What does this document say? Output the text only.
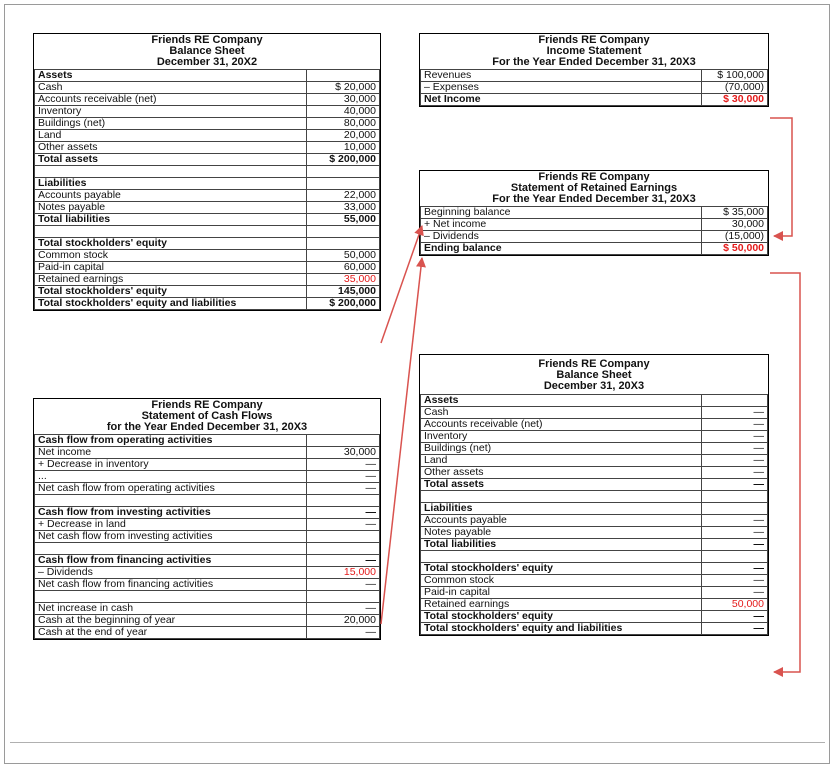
Friends RE Company
Balance Sheet
December 31, 20X2
Assets	
Cash	$ 20,000
Accounts receivable (net)	30,000
Inventory	40,000
Buildings (net)	80,000
Land	20,000
Other assets	10,000
Total assets	$ 200,000

Liabilities	
Accounts payable	22,000
Notes payable	33,000
Total liabilities	55,000

Total stockholders' equity	
Common stock	50,000
Paid-in capital	60,000
Retained earnings	35,000
Total stockholders' equity	145,000
Total stockholders' equity and liabilities	$ 200,000
Friends RE Company
Statement of Cash Flows
for the Year Ended December 31, 20X3
Cash flow from operating activities	
Net income	30,000
+ Decrease in inventory	—
...	—
Net cash flow from operating activities	—

Cash flow from investing activities	—
+ Decrease in land	—
Net cash flow from investing activities	

Cash flow from financing activities	—
– Dividends	15,000
Net cash flow from financing activities	—

Net increase in cash	—
Cash at the beginning of year	20,000
Cash at the end of year	—
Friends RE Company
Income Statement
For the Year Ended December 31, 20X3
Revenues	$ 100,000
– Expenses	(70,000)
Net Income	$ 30,000
Friends RE Company
Statement of Retained Earnings
For the Year Ended December 31, 20X3
Beginning balance	$ 35,000
+ Net income	30,000
– Dividends	(15,000)
Ending balance	$ 50,000
Friends RE Company
Balance Sheet
December 31, 20X3
Assets	
Cash	—
Accounts receivable (net)	—
Inventory	—
Buildings (net)	—
Land	—
Other assets	—
Total assets	—

Liabilities	
Accounts payable	—
Notes payable	—
Total liabilities	—

Total stockholders' equity	—
Common stock	—
Paid-in capital	—
Retained earnings	50,000
Total stockholders' equity	—
Total stockholders' equity and liabilities	—
